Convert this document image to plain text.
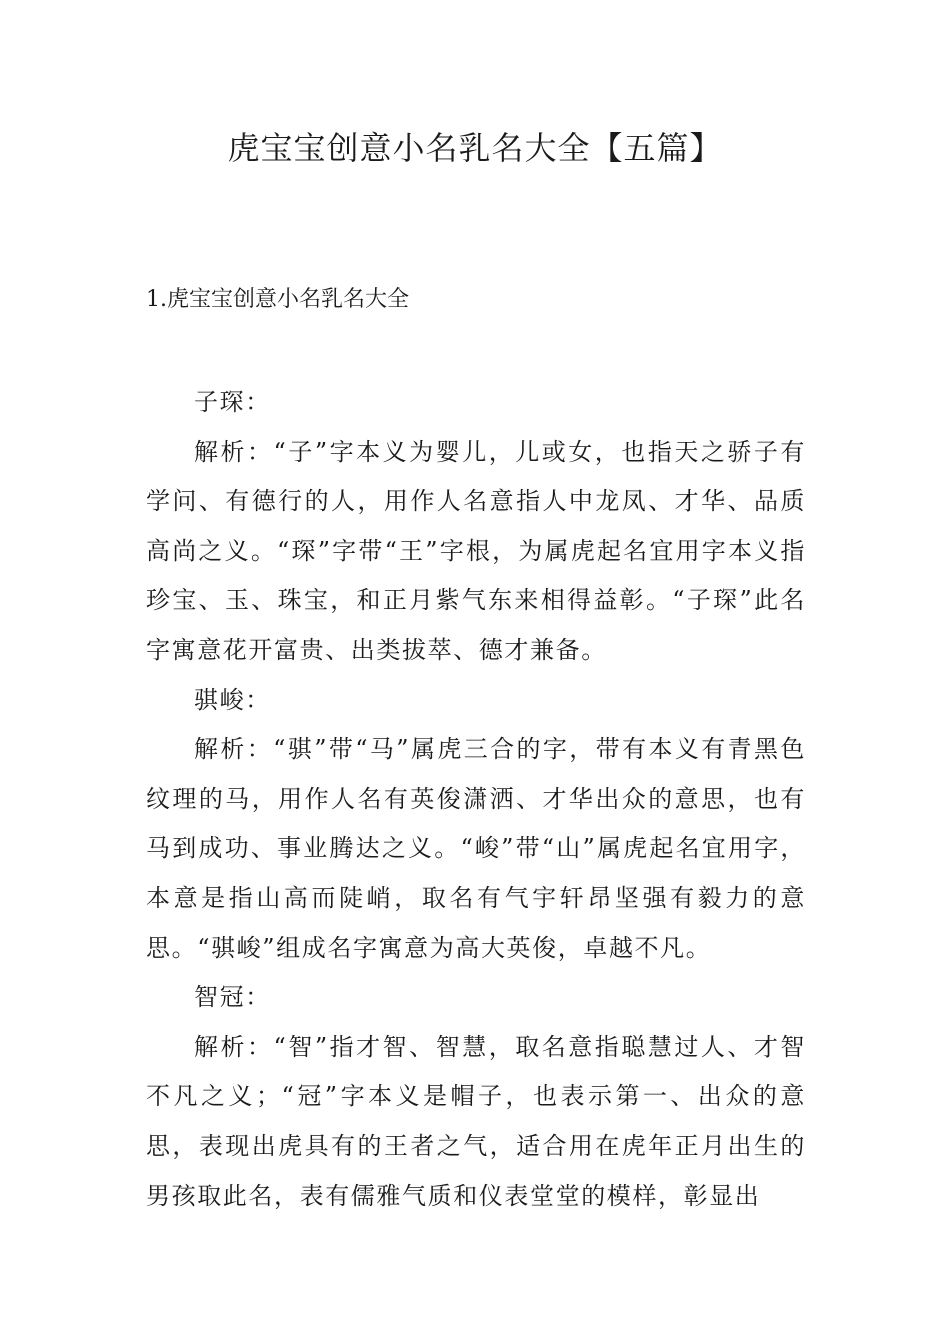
虎宝宝创意小名乳名大全【五篇】
1.虎宝宝创意小名乳名大全

子琛：

解析：“子”字本义为婴儿，儿或女，也指天之骄子有学问、有德行的人，用作人名意指人中龙凤、才华、品质高尚之义。“琛”字带“王”字根，为属虎起名宜用字本义指珍宝、玉、珠宝，和正月紫气东来相得益彰。“子琛”此名字寓意花开富贵、出类拔萃、德才兼备。

骐峻：

解析：“骐”带“马”属虎三合的字，带有本义有青黑色纹理的马，用作人名有英俊潇洒、才华出众的意思，也有马到成功、事业腾达之义。“峻”带“山”属虎起名宜用字，本意是指山高而陡峭，取名有气宇轩昂坚强有毅力的意思。“骐峻”组成名字寓意为高大英俊，卓越不凡。

智冠：

解析：“智”指才智、智慧，取名意指聪慧过人、才智不凡之义；“冠”字本义是帽子，也表示第一、出众的意思，表现出虎具有的王者之气，适合用在虎年正月出生的男孩取此名，表有儒雅气质和仪表堂堂的模样，彰显出
